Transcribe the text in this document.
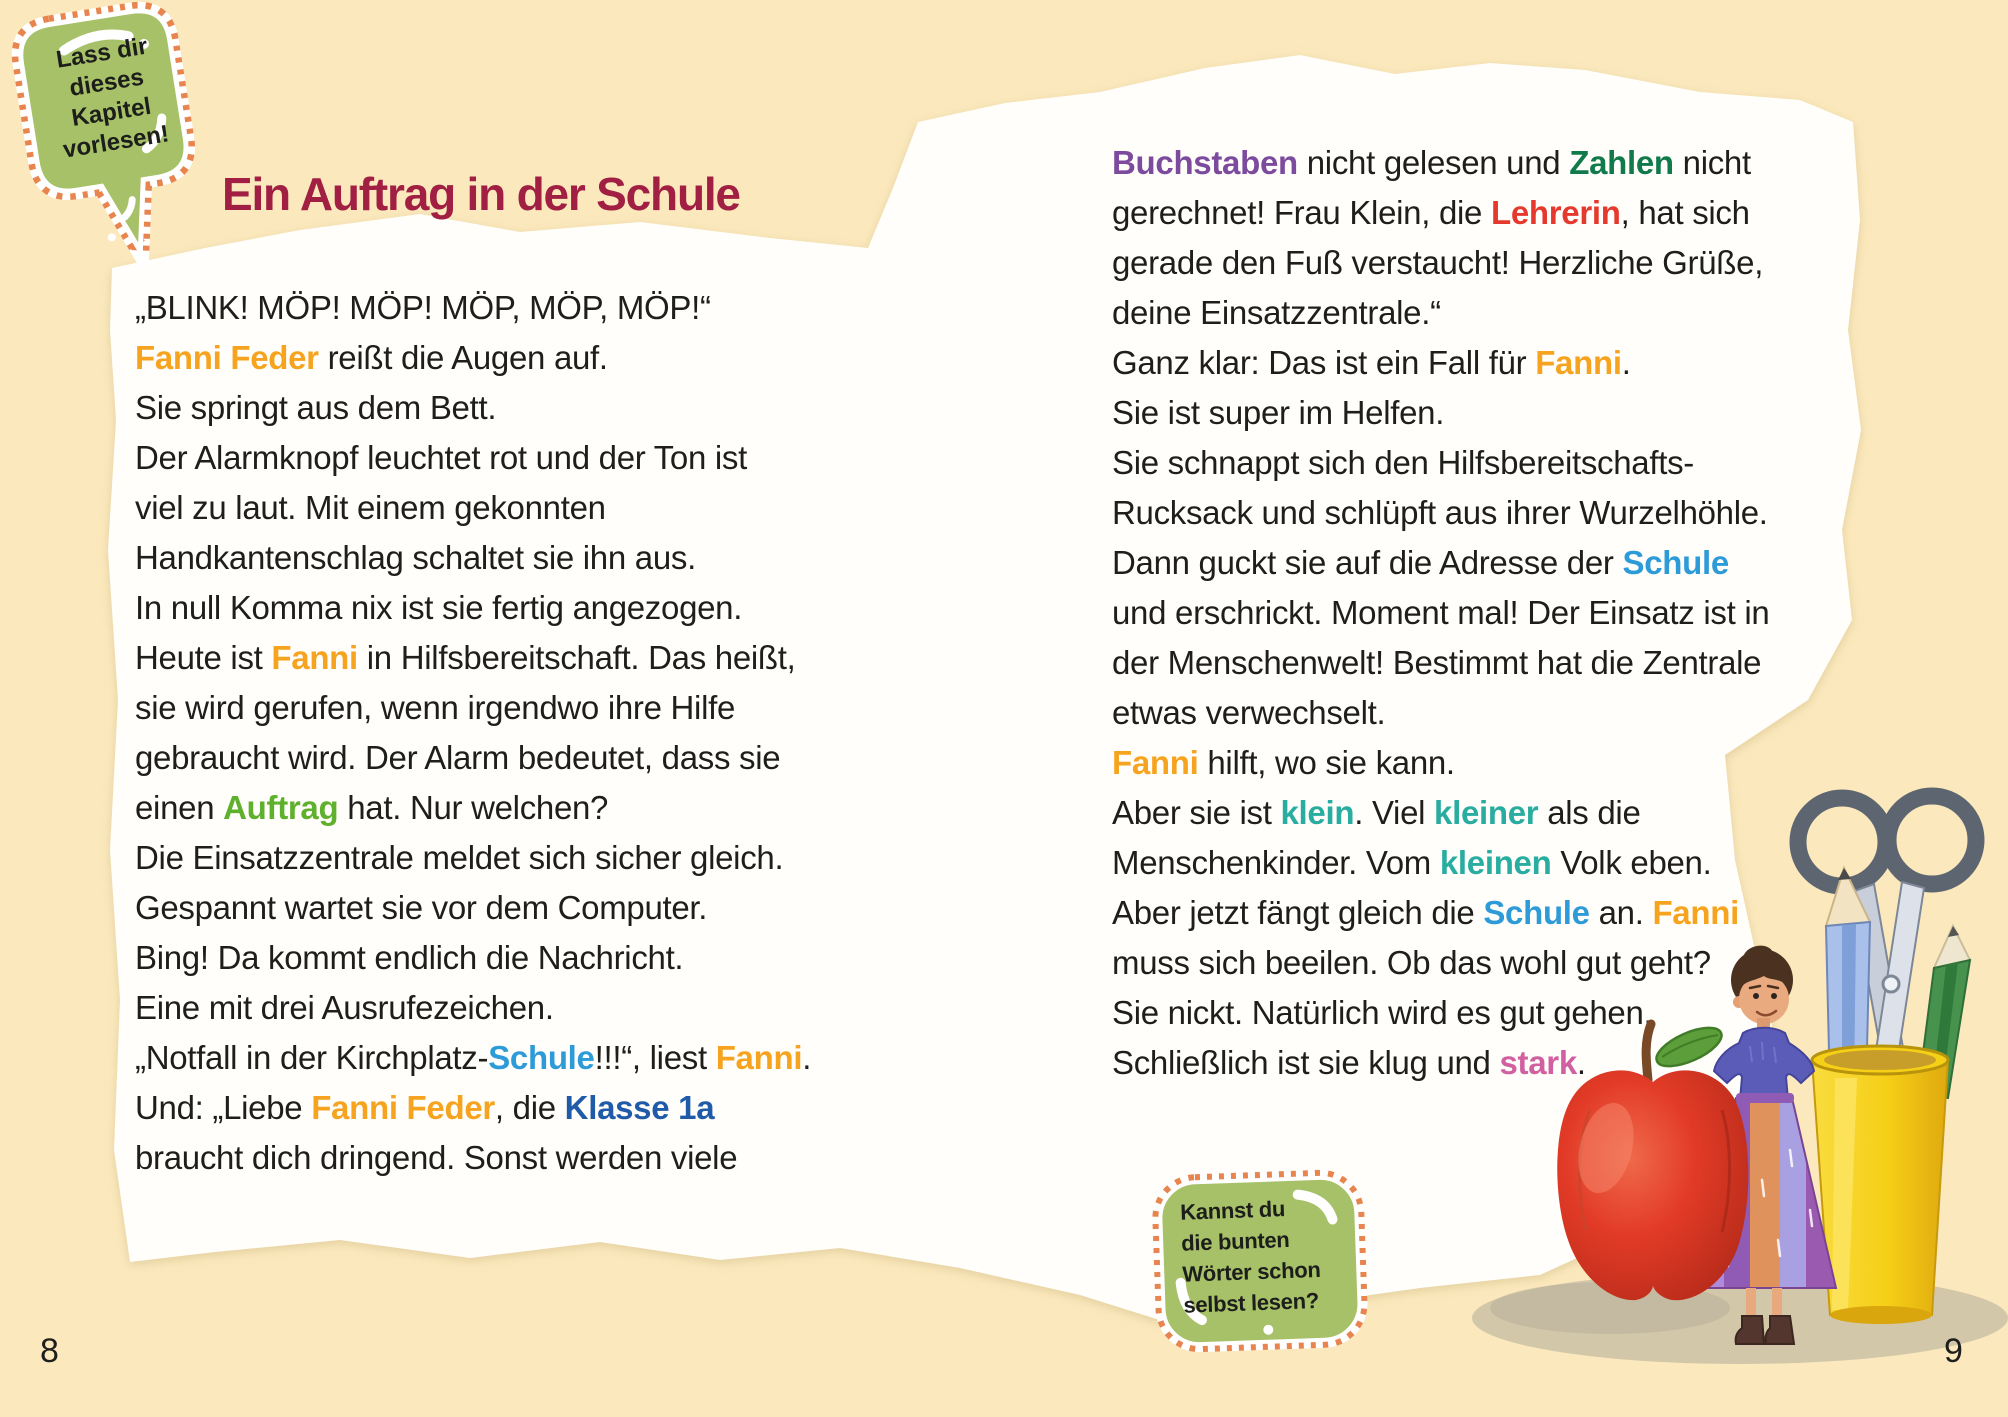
Ein Auftrag in der Schule

„BLINK! MÖP! MÖP! MÖP, MÖP, MÖP!“

Fanni Feder reißt die Augen auf.

Sie springt aus dem Bett.

Der Alarmknopf leuchtet rot und der Ton ist

viel zu laut. Mit einem gekonnten

Handkantenschlag schaltet sie ihn aus.

In null Komma nix ist sie fertig angezogen.

Heute ist Fanni in Hilfsbereitschaft. Das heißt,

sie wird gerufen, wenn irgendwo ihre Hilfe

gebraucht wird. Der Alarm bedeutet, dass sie

einen Auftrag hat. Nur welchen?

Die Einsatzzentrale meldet sich sicher gleich.

Gespannt wartet sie vor dem Computer.

Bing! Da kommt endlich die Nachricht.

Eine mit drei Ausrufezeichen.

„Notfall in der Kirchplatz-Schule!!!“, liest Fanni.

Und: „Liebe Fanni Feder, die Klasse 1a

braucht dich dringend. Sonst werden viele

Buchstaben nicht gelesen und Zahlen nicht

gerechnet! Frau Klein, die Lehrerin, hat sich

gerade den Fuß verstaucht! Herzliche Grüße,

deine Einsatzzentrale.“

Ganz klar: Das ist ein Fall für Fanni.

Sie ist super im Helfen.

Sie schnappt sich den Hilfsbereitschafts-

Rucksack und schlüpft aus ihrer Wurzelhöhle.

Dann guckt sie auf die Adresse der Schule

und erschrickt. Moment mal! Der Einsatz ist in

der Menschenwelt! Bestimmt hat die Zentrale

etwas verwechselt.

Fanni hilft, wo sie kann.

Aber sie ist klein. Viel kleiner als die

Menschenkinder. Vom kleinen Volk eben.

Aber jetzt fängt gleich die Schule an. Fanni

muss sich beeilen. Ob das wohl gut geht?

Sie nickt. Natürlich wird es gut gehen.

Schließlich ist sie klug und stark.

Lass dir
dieses
Kapitel
vorlesen!
Kannst du
die bunten
Wörter schon
selbst lesen?
8	9
